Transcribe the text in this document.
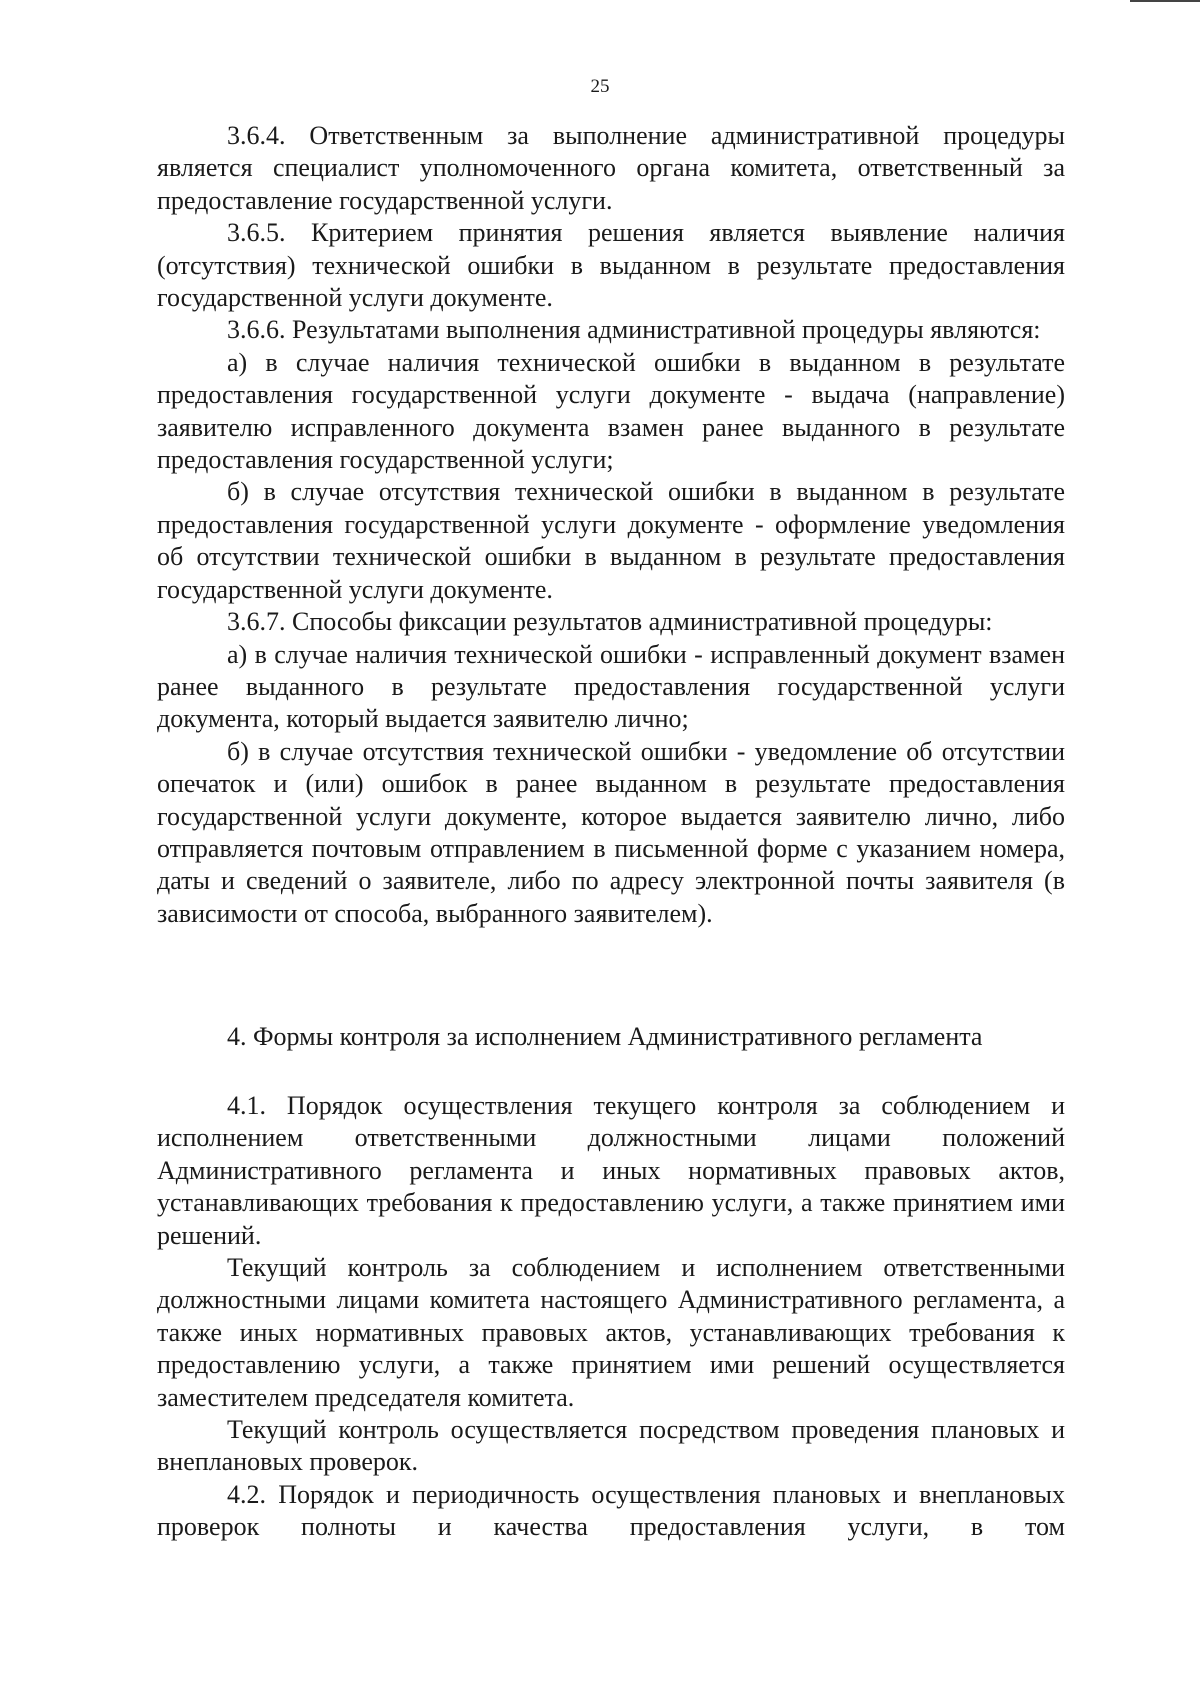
25

3.6.4. Ответственным за выполнение административной процедуры является специалист уполномоченного органа комитета, ответственный за предоставление государственной услуги.

3.6.5. Критерием принятия решения является выявление наличия (отсутствия) технической ошибки в выданном в результате предоставления государственной услуги документе.

3.6.6. Результатами выполнения административной процедуры являются:

а) в случае наличия технической ошибки в выданном в результате предоставления государственной услуги документе - выдача (направление) заявителю исправленного документа взамен ранее выданного в результате предоставления государственной услуги;

б) в случае отсутствия технической ошибки в выданном в результате предоставления государственной услуги документе - оформление уведомления об отсутствии технической ошибки в выданном в результате предоставления государственной услуги документе.

3.6.7. Способы фиксации результатов административной процедуры:

а) в случае наличия технической ошибки - исправленный документ взамен ранее выданного в результате предоставления государственной услуги документа, который выдается заявителю лично;

б) в случае отсутствия технической ошибки - уведомление об отсутствии опечаток и (или) ошибок в ранее выданном в результате предоставления государственной услуги документе, которое выдается заявителю лично, либо отправляется почтовым отправлением в письменной форме с указанием номера, даты и сведений о заявителе, либо по адресу электронной почты заявителя (в зависимости от способа, выбранного заявителем).

4. Формы контроля за исполнением Административного регламента

4.1. Порядок осуществления текущего контроля за соблюдением и исполнением ответственными должностными лицами положений Административного регламента и иных нормативных правовых актов, устанавливающих требования к предоставлению услуги, а также принятием ими решений.

Текущий контроль за соблюдением и исполнением ответственными должностными лицами комитета настоящего Административного регламента, а также иных нормативных правовых актов, устанавливающих требования к предоставлению услуги, а также принятием ими решений осуществляется заместителем председателя комитета.

Текущий контроль осуществляется посредством проведения плановых и внеплановых проверок.

4.2. Порядок и периодичность осуществления плановых и внеплановых проверок полноты и качества предоставления услуги, в том
